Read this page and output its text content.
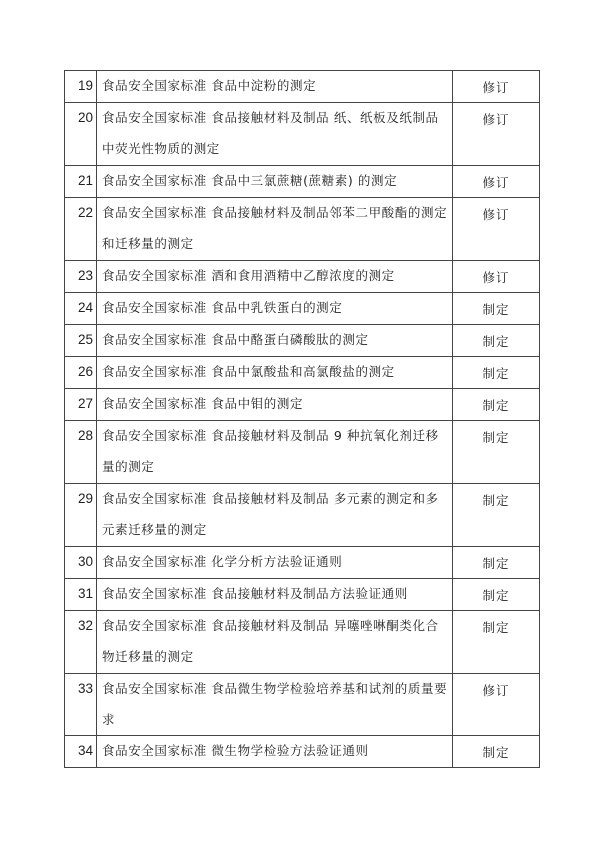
19	食品安全国家标准 食品中淀粉的测定	修订
20	食品安全国家标准 食品接触材料及制品 纸、纸板及纸制品中荧光性物质的测定	修订
21	食品安全国家标准 食品中三氯蔗糖(蔗糖素) 的测定	修订
22	食品安全国家标准 食品接触材料及制品邻苯二甲酸酯的测定和迁移量的测定	修订
23	食品安全国家标准 酒和食用酒精中乙醇浓度的测定	修订
24	食品安全国家标准 食品中乳铁蛋白的测定	制定
25	食品安全国家标准 食品中酪蛋白磷酸肽的测定	制定
26	食品安全国家标准 食品中氯酸盐和高氯酸盐的测定	制定
27	食品安全国家标准 食品中钼的测定	制定
28	食品安全国家标准 食品接触材料及制品 9 种抗氧化剂迁移量的测定	制定
29	食品安全国家标准 食品接触材料及制品 多元素的测定和多元素迁移量的测定	制定
30	食品安全国家标准 化学分析方法验证通则	制定
31	食品安全国家标准 食品接触材料及制品方法验证通则	制定
32	食品安全国家标准 食品接触材料及制品 异噻唑啉酮类化合物迁移量的测定	制定
33	食品安全国家标准 食品微生物学检验培养基和试剂的质量要求	修订
34	食品安全国家标准 微生物学检验方法验证通则	制定
